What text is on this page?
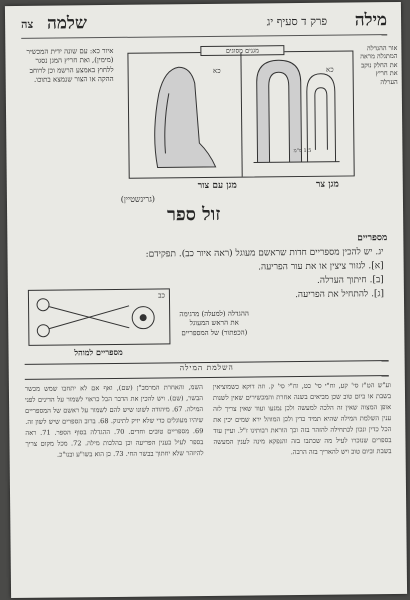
מילה
פרק ד סעיף יג
שלמה
צה
אור ההגדלה המתגלה מראה את החלק נוקב את חריץ הערלה
איור כא: עם שונה ידית המכשיר (מימין), ואת חריץ המגן נסגר ללחוץ באמצע הרשמ וכן לרוחב ההקה או הצור שנמצא בתוכו.
מגנים מסוגים
כא
כא
1.5 מ"מ
מגן צר
מגן עם צור
(גרינשטיין)
זול ספר
מספריים
יג. יש להכין מספריים חדות שראשם מעוגל (ראה איור כב). תפקידם:
[א]. לגזור ציצין או את עור הפריעה.
[ב]. חיתוך הערלה.
[ג]. להתחיל את הפריעה.
כב
מספריים למוהל
ההגדלה (למעלה) מדגימה את הראש המעוגל (הכפתור) של המספריים
השלמת המילה

וע"ש הט"ז סי' קע, וח"י סי' כט, וח"י סי' ק. וזה דוקא כשמוציאין בשבת או ביום טוב שכן מביאים בשנה אחרת והמכשירים שאין לשנות אופן המצוה שאין זה הלכה למעשה ולכן נמנעו ועוד שאין צריך לזה ענין השלמת המילה שהיא תמיד כדין ולכן המוהל ירא שמים יכין את הכל כדין ונכון לכתחילה להזהר בזה וכך הוראת רבותינו ז"ל. ועיין עוד בספרים שנזכרו לעיל מה שכתבו בזה והנפקא מינה לענין המעשה בשבת וביום טוב ויש להאריך בזה הרבה.

השמ, והאחרת המרמב"ן (שם), ואף אם לא יתחבו שמש מכשר הבשר, (שם). ויש להכין את הדבר הכל כראוי לשמור על הדינים לפני המילה. 67. מיהודה לשונו שיש להם לשמור על ראשם של המספריים שיהיו מעוגלים כדי שלא יזיק לתינוק. 68. ברוב הספרים שיש לשון זה. 69. מספריים טובים וחדים. 70. ההגדלה בסוף הספר. 71. ראה בספר לעיל בענין הפריעה וכן בהלכות מילה. 72. מכל מקום צריך להיזהר שלא יחתוך בבשר החי. 73. כן הוא בשו"ע ובנו"כ.
